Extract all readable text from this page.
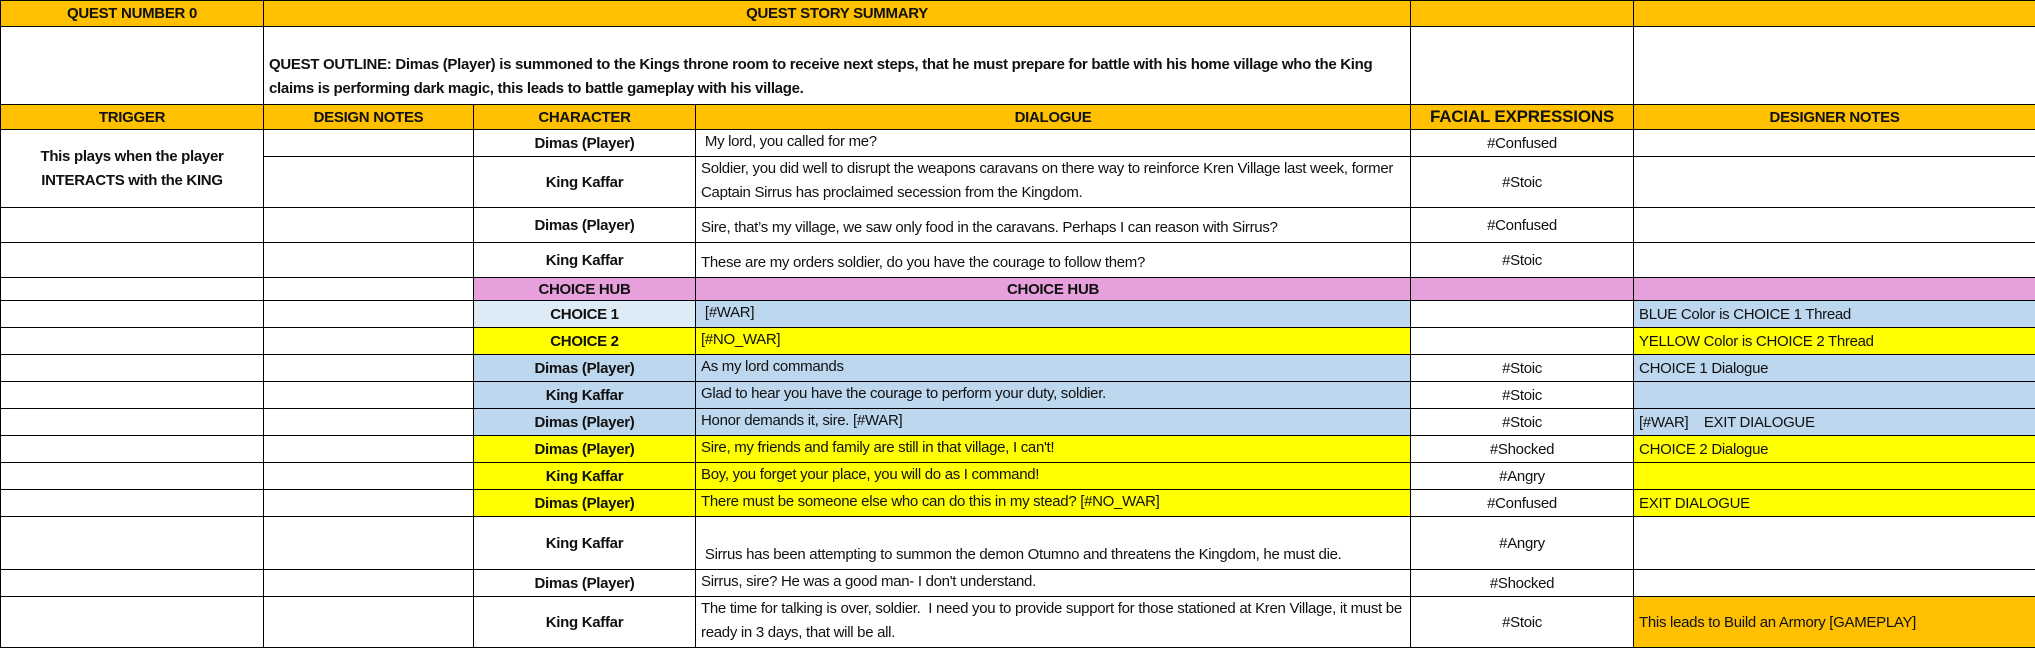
QUEST NUMBER 0	QUEST STORY SUMMARY				
	QUEST OUTLINE: Dimas (Player) is summoned to the Kings throne room to receive next steps, that he must prepare for battle with his home village who the King claims is performing dark magic, this leads to battle gameplay with his village.				
TRIGGER	DESIGN NOTES	CHARACTER	DIALOGUE	FACIAL EXPRESSIONS	DESIGNER NOTES
This plays when the player INTERACTS with the KING		Dimas (Player)	My lord, you called for me?	#Confused	
		King Kaffar	Soldier, you did well to disrupt the weapons caravans on there way to reinforce Kren Village last week, former Captain Sirrus has proclaimed secession from the Kingdom.	#Stoic	
		Dimas (Player)	Sire, that’s my village, we saw only food in the caravans. Perhaps I can reason with Sirrus?	#Confused	
		King Kaffar	These are my orders soldier, do you have the courage to follow them?	#Stoic	
		CHOICE HUB	CHOICE HUB		
		CHOICE 1	[#WAR]		BLUE Color is CHOICE 1 Thread
		CHOICE 2	[#NO_WAR]		YELLOW Color is CHOICE 2 Thread
		Dimas (Player)	As my lord commands	#Stoic	CHOICE 1 Dialogue
		King Kaffar	Glad to hear you have the courage to perform your duty, soldier.	#Stoic	
		Dimas (Player)	Honor demands it, sire. [#WAR]	#Stoic	[#WAR]    EXIT DIALOGUE
		Dimas (Player)	Sire, my friends and family are still in that village, I can't!	#Shocked	CHOICE 2 Dialogue
		King Kaffar	Boy, you forget your place, you will do as I command!	#Angry	
		Dimas (Player)	There must be someone else who can do this in my stead? [#NO_WAR]	#Confused	EXIT DIALOGUE
		King Kaffar	Sirrus has been attempting to summon the demon Otumno and threatens the Kingdom, he must die.	#Angry	
		Dimas (Player)	Sirrus, sire? He was a good man- I don't understand.	#Shocked	
		King Kaffar	The time for talking is over, soldier.  I need you to provide support for those stationed at Kren Village, it must be ready in 3 days, that will be all.	#Stoic	This leads to Build an Armory [GAMEPLAY]
